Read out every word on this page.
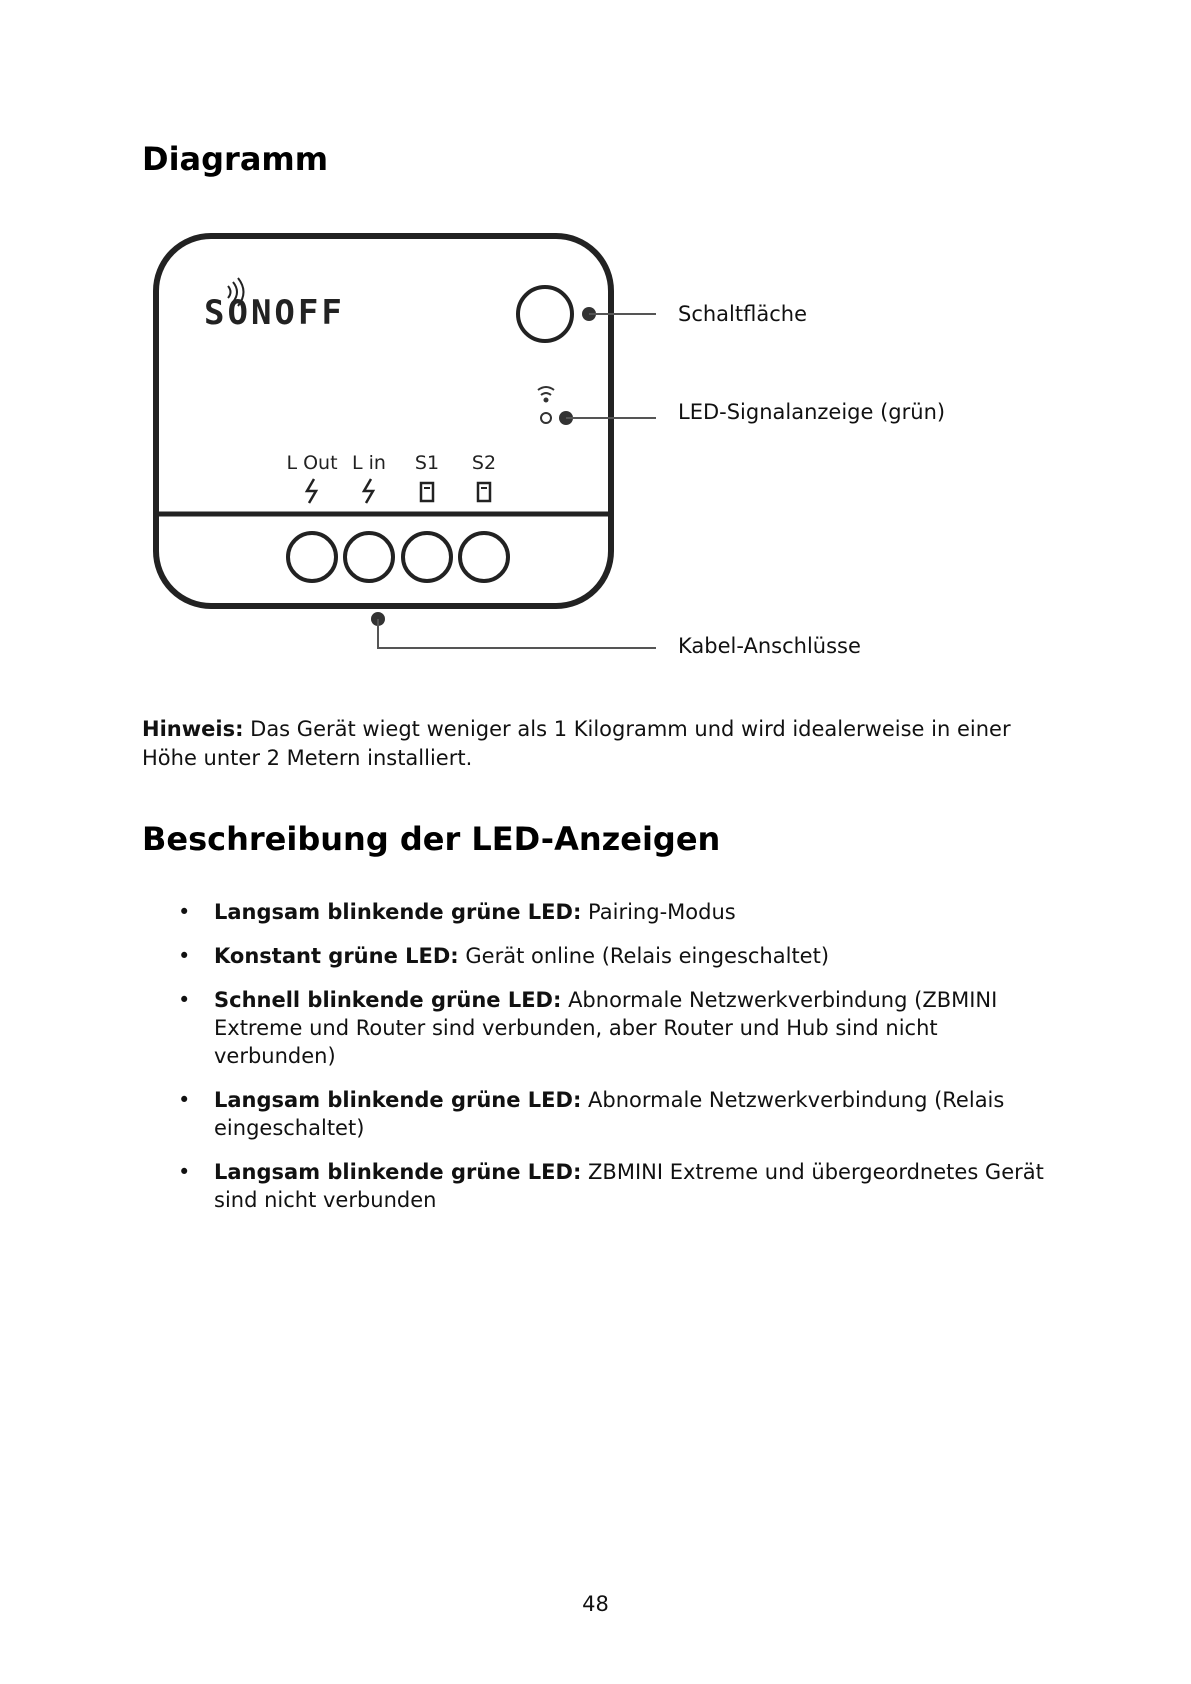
Diagramm
SONOFF
L Out L in S1 S2
Schaltfläche
LED-Signalanzeige (grün)
Kabel-Anschlüsse

Hinweis: Das Gerät wiegt weniger als 1 Kilogramm und wird idealerweise in einer Höhe unter 2 Metern installiert.

Beschreibung der LED-Anzeigen
• Langsam blinkende grüne LED: Pairing-Modus
• Konstant grüne LED: Gerät online (Relais eingeschaltet)
• Schnell blinkende grüne LED: Abnormale Netzwerkverbindung (ZBMINI Extreme und Router sind verbunden, aber Router und Hub sind nicht verbunden)
• Langsam blinkende grüne LED: Abnormale Netzwerkverbindung (Relais eingeschaltet)
• Langsam blinkende grüne LED: ZBMINI Extreme und übergeordnetes Gerät sind nicht verbunden
48
